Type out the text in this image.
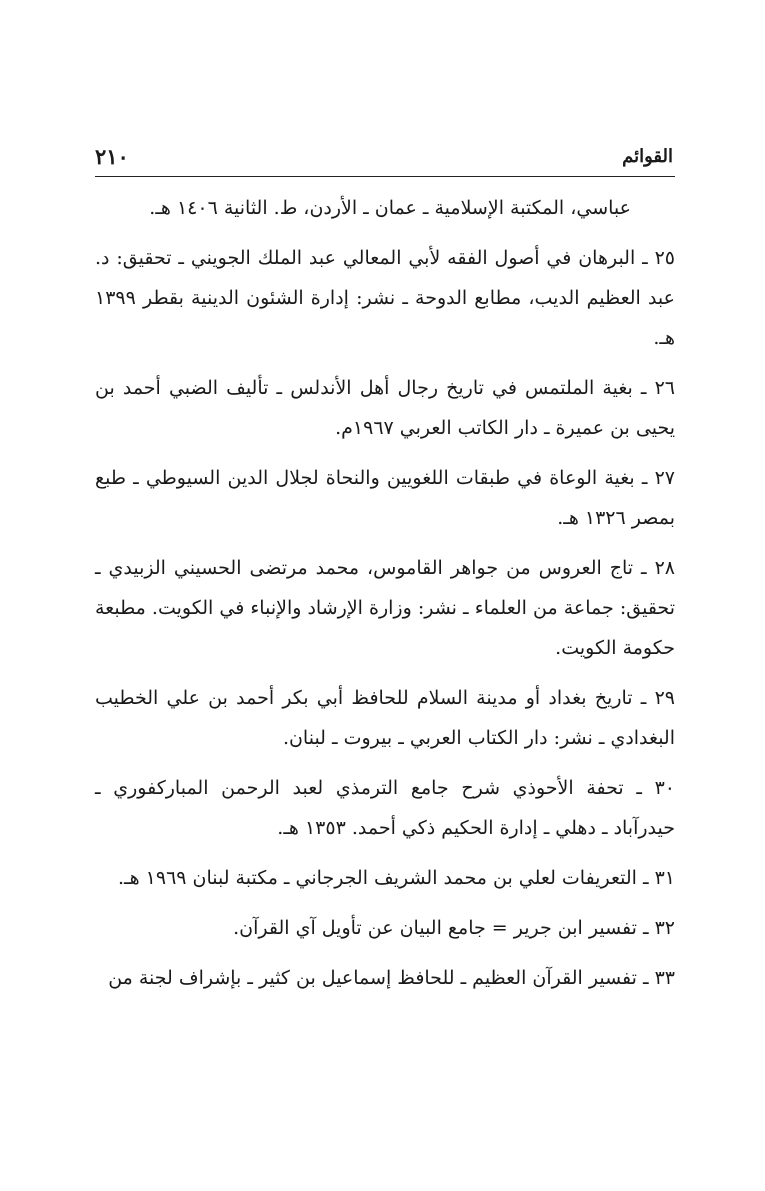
القوائم
٢١٠

عباسي، المكتبة الإسلامية ـ عمان ـ الأردن، ط. الثانية ١٤٠٦ هـ.

٢٥ ـ البرهان في أصول الفقه لأبي المعالي عبد الملك الجويني ـ تحقيق: د. عبد العظيم الديب، مطابع الدوحة ـ نشر: إدارة الشئون الدينية بقطر ١٣٩٩ هـ.

٢٦ ـ بغية الملتمس في تاريخ رجال أهل الأندلس ـ تأليف الضبي أحمد بن يحيى بن عميرة ـ دار الكاتب العربي ١٩٦٧م.

٢٧ ـ بغية الوعاة في طبقات اللغويين والنحاة لجلال الدين السيوطي ـ طبع بمصر ١٣٢٦ هـ.

٢٨ ـ تاج العروس من جواهر القاموس، محمد مرتضى الحسيني الزبيدي ـ تحقيق: جماعة من العلماء ـ نشر: وزارة الإرشاد والإنباء في الكويت. مطبعة حكومة الكويت.

٢٩ ـ تاريخ بغداد أو مدينة السلام للحافظ أبي بكر أحمد بن علي الخطيب البغدادي ـ نشر: دار الكتاب العربي ـ بيروت ـ لبنان.

٣٠ ـ تحفة الأحوذي شرح جامع الترمذي لعبد الرحمن المباركفوري ـ حيدرآباد ـ دهلي ـ إدارة الحكيم ذكي أحمد. ١٣٥٣ هـ.

٣١ ـ التعريفات لعلي بن محمد الشريف الجرجاني ـ مكتبة لبنان ١٩٦٩ هـ.

٣٢ ـ تفسير ابن جرير = جامع البيان عن تأويل آي القرآن.

٣٣ ـ تفسير القرآن العظيم ـ للحافظ إسماعيل بن كثير ـ بإشراف لجنة من
